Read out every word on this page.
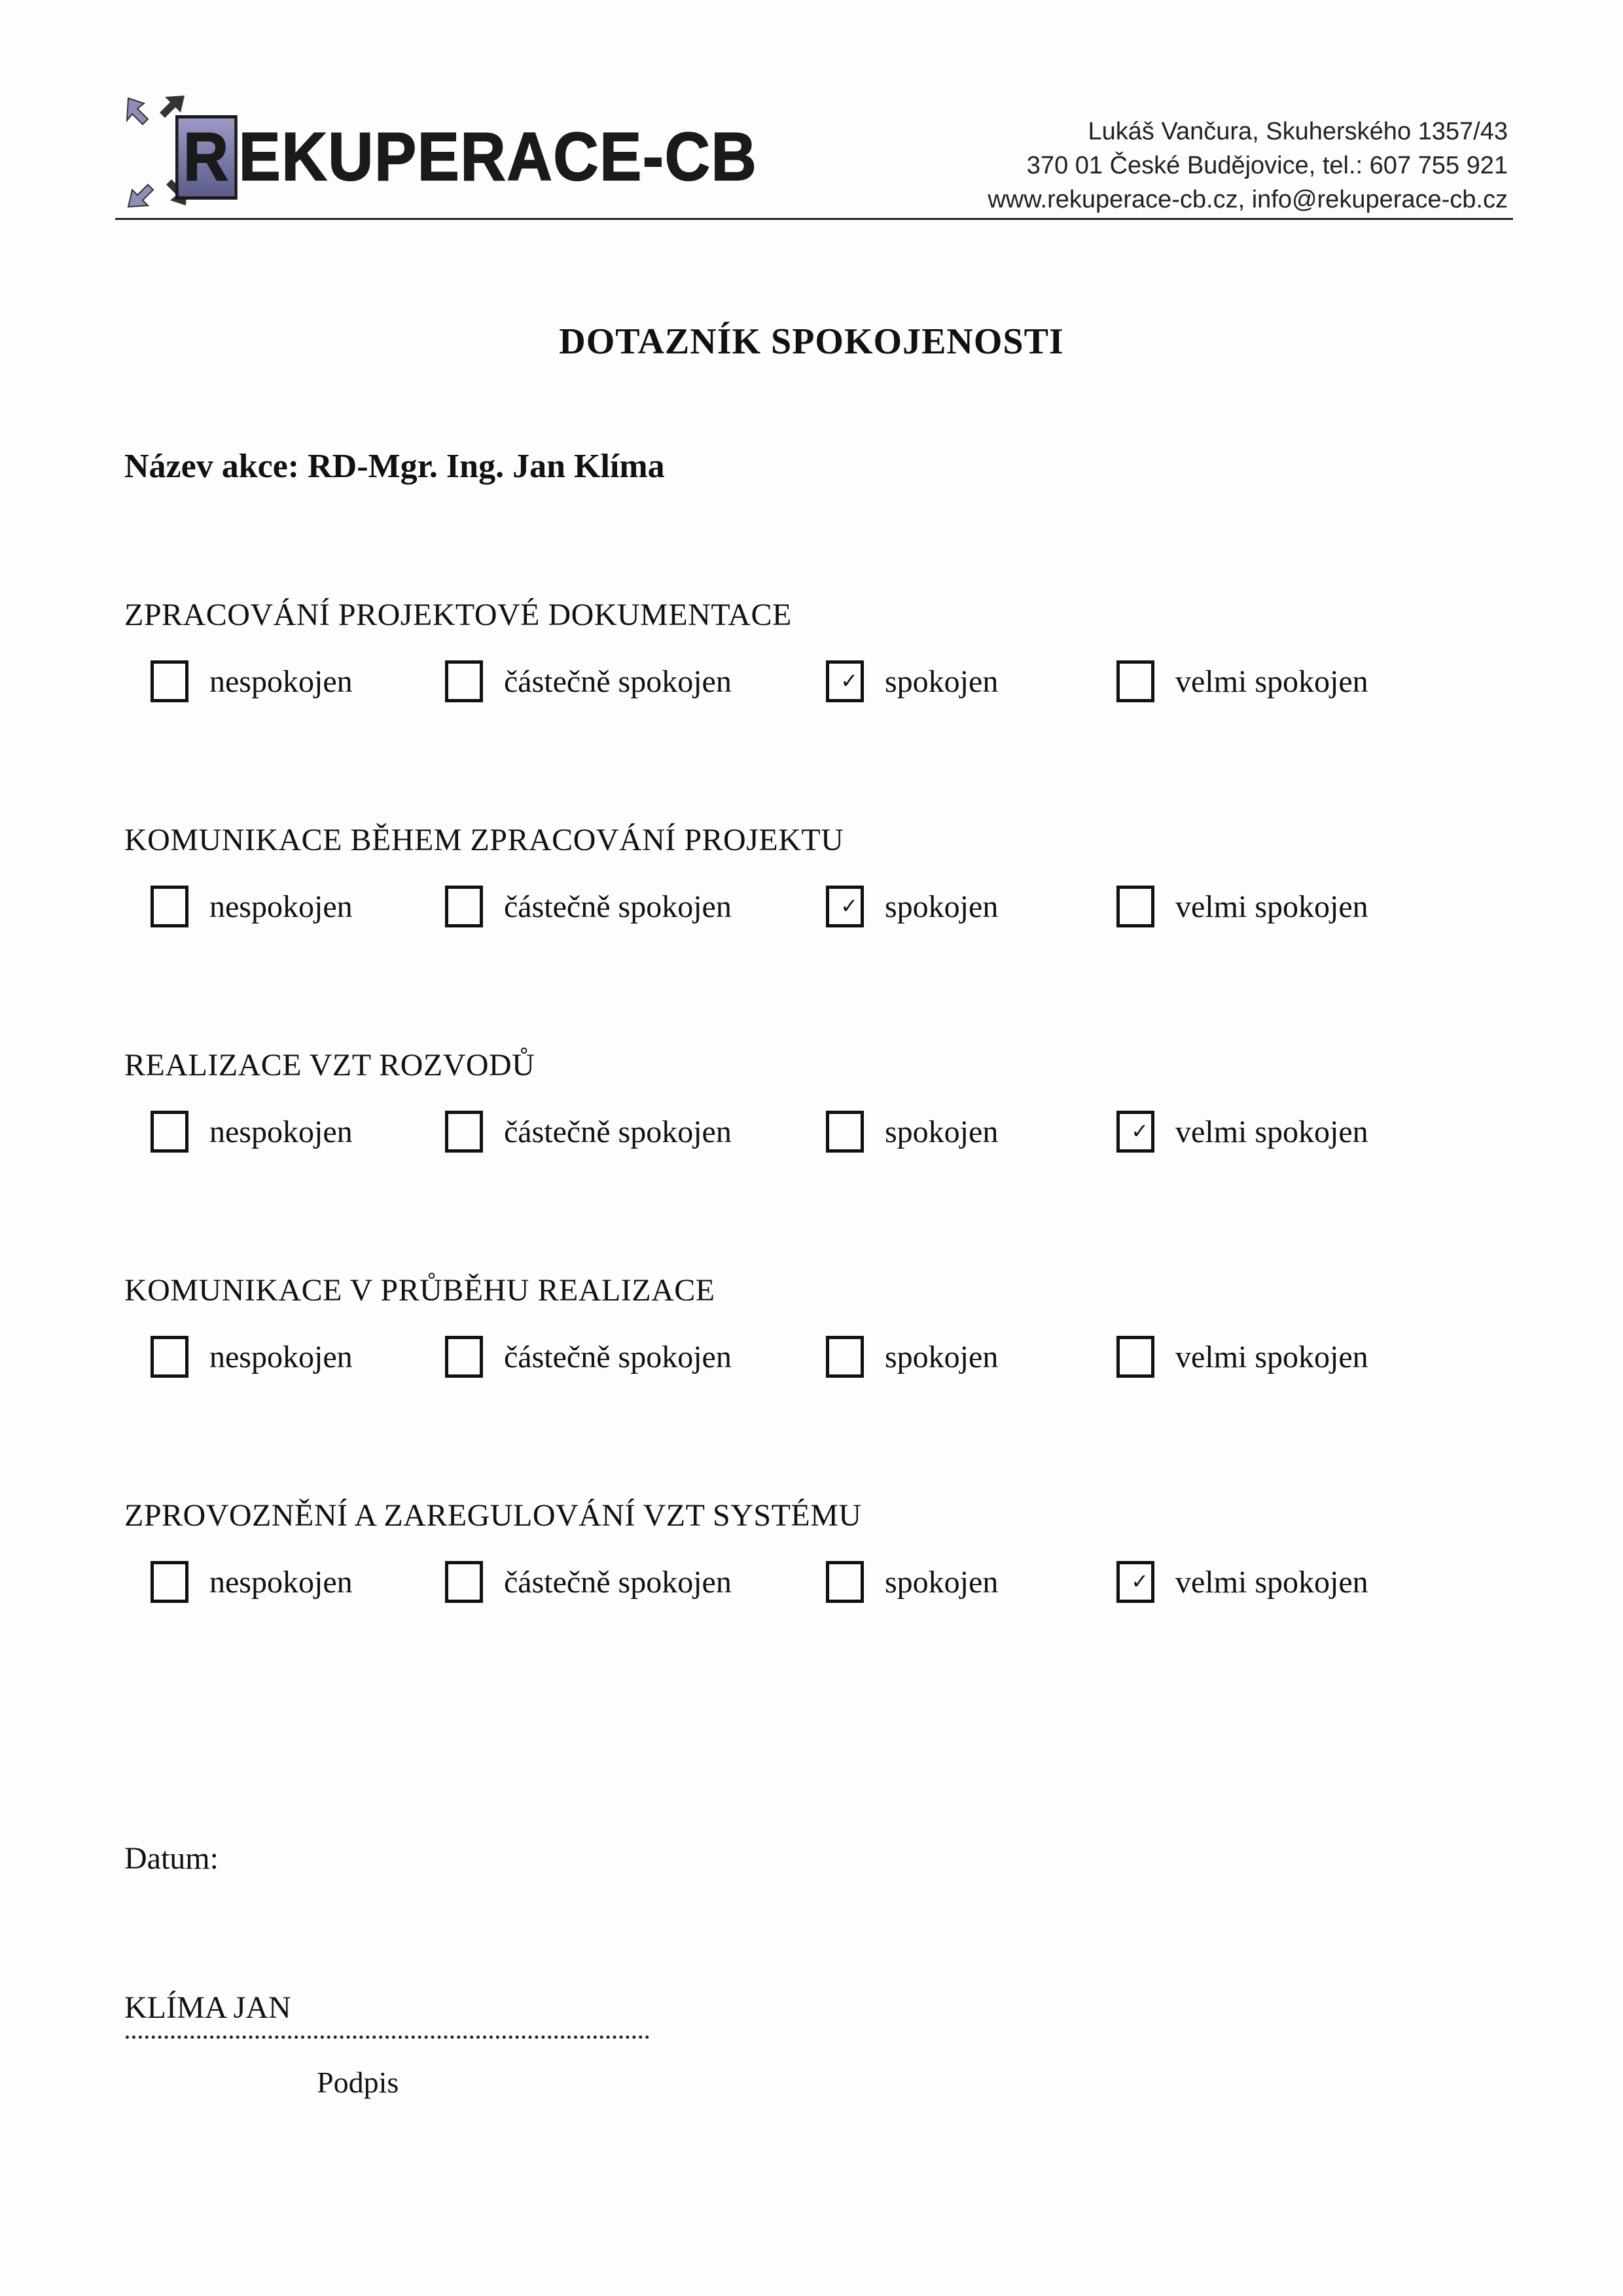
R EKUPERACE-CB	Lukáš Vančura, Skuherského 1357/43
370 01 České Budějovice, tel.: 607 755 921
www.rekuperace-cb.cz, info@rekuperace-cb.cz
DOTAZNÍK SPOKOJENOSTI
Název akce: RD-Mgr. Ing. Jan Klíma
ZPRACOVÁNÍ PROJEKTOVÉ DOKUMENTACE
nespokojen	částečně spokojen	✓ spokojen	velmi spokojen
KOMUNIKACE BĚHEM ZPRACOVÁNÍ PROJEKTU
nespokojen	částečně spokojen	✓ spokojen	velmi spokojen
REALIZACE VZT ROZVODŮ
nespokojen	částečně spokojen	spokojen	✓ velmi spokojen
KOMUNIKACE V PRŮBĚHU REALIZACE
nespokojen	částečně spokojen	spokojen	velmi spokojen
ZPROVOZNĚNÍ A ZAREGULOVÁNÍ VZT SYSTÉMU
nespokojen	částečně spokojen	spokojen	✓ velmi spokojen
Datum:
KLÍMA JAN
Podpis
